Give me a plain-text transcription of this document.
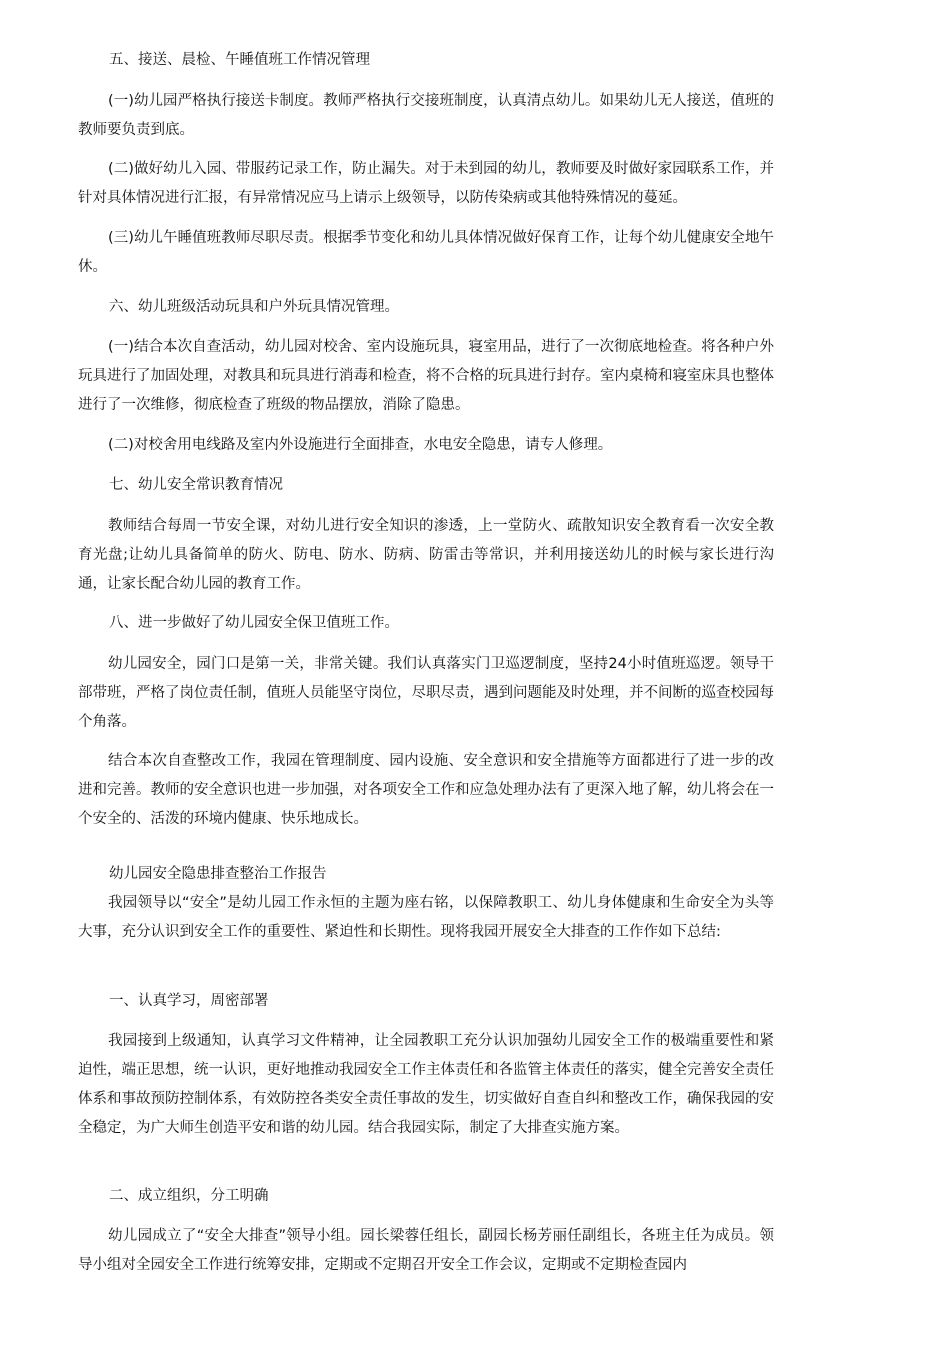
五、接送、晨检、午睡值班工作情况管理

(一)幼儿园严格执行接送卡制度。教师严格执行交接班制度，认真清点幼儿。如果幼儿无人接送，值班的教师要负责到底。

(二)做好幼儿入园、带服药记录工作，防止漏失。对于未到园的幼儿，教师要及时做好家园联系工作，并针对具体情况进行汇报，有异常情况应马上请示上级领导，以防传染病或其他特殊情况的蔓延。

(三)幼儿午睡值班教师尽职尽责。根据季节变化和幼儿具体情况做好保育工作，让每个幼儿健康安全地午休。

六、幼儿班级活动玩具和户外玩具情况管理。

(一)结合本次自查活动，幼儿园对校舍、室内设施玩具，寝室用品，进行了一次彻底地检查。将各种户外玩具进行了加固处理，对教具和玩具进行消毒和检查，将不合格的玩具进行封存。室内桌椅和寝室床具也整体进行了一次维修，彻底检查了班级的物品摆放，消除了隐患。

(二)对校舍用电线路及室内外设施进行全面排查，水电安全隐患，请专人修理。

七、幼儿安全常识教育情况

教师结合每周一节安全课，对幼儿进行安全知识的渗透，上一堂防火、疏散知识安全教育看一次安全教育光盘;让幼儿具备简单的防火、防电、防水、防病、防雷击等常识，并利用接送幼儿的时候与家长进行沟通，让家长配合幼儿园的教育工作。

八、进一步做好了幼儿园安全保卫值班工作。

幼儿园安全，园门口是第一关，非常关键。我们认真落实门卫巡逻制度，坚持24小时值班巡逻。领导干部带班，严格了岗位责任制，值班人员能坚守岗位，尽职尽责，遇到问题能及时处理，并不间断的巡查校园每个角落。

结合本次自查整改工作，我园在管理制度、园内设施、安全意识和安全措施等方面都进行了进一步的改进和完善。教师的安全意识也进一步加强，对各项安全工作和应急处理办法有了更深入地了解，幼儿将会在一个安全的、活泼的环境内健康、快乐地成长。

幼儿园安全隐患排查整治工作报告

我园领导以“安全”是幼儿园工作永恒的主题为座右铭，以保障教职工、幼儿身体健康和生命安全为头等大事，充分认识到安全工作的重要性、紧迫性和长期性。现将我园开展安全大排查的工作作如下总结:

一、认真学习，周密部署

我园接到上级通知，认真学习文件精神，让全园教职工充分认识加强幼儿园安全工作的极端重要性和紧迫性，端正思想，统一认识，更好地推动我园安全工作主体责任和各监管主体责任的落实，健全完善安全责任体系和事故预防控制体系，有效防控各类安全责任事故的发生，切实做好自查自纠和整改工作，确保我园的安全稳定，为广大师生创造平安和谐的幼儿园。结合我园实际，制定了大排查实施方案。

二、成立组织，分工明确

幼儿园成立了“安全大排查”领导小组。园长梁蓉任组长，副园长杨芳丽任副组长，各班主任为成员。领导小组对全园安全工作进行统筹安排，定期或不定期召开安全工作会议，定期或不定期检查园内
